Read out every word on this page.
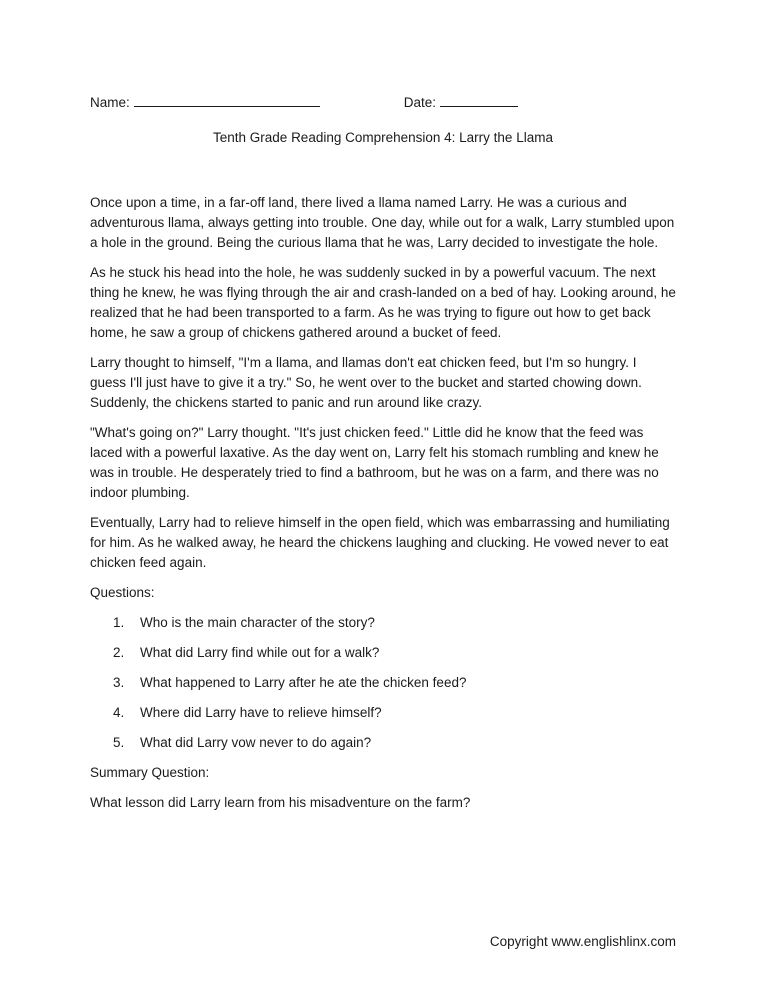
Name:	Date:
Tenth Grade Reading Comprehension 4: Larry the Llama

Once upon a time, in a far-off land, there lived a llama named Larry. He was a curious and adventurous llama, always getting into trouble. One day, while out for a walk, Larry stumbled upon a hole in the ground. Being the curious llama that he was, Larry decided to investigate the hole.

As he stuck his head into the hole, he was suddenly sucked in by a powerful vacuum. The next thing he knew, he was flying through the air and crash-landed on a bed of hay. Looking around, he realized that he had been transported to a farm. As he was trying to figure out how to get back home, he saw a group of chickens gathered around a bucket of feed.

Larry thought to himself, "I'm a llama, and llamas don't eat chicken feed, but I'm so hungry. I guess I'll just have to give it a try." So, he went over to the bucket and started chowing down. Suddenly, the chickens started to panic and run around like crazy.

"What's going on?" Larry thought. "It's just chicken feed." Little did he know that the feed was laced with a powerful laxative. As the day went on, Larry felt his stomach rumbling and knew he was in trouble. He desperately tried to find a bathroom, but he was on a farm, and there was no indoor plumbing.

Eventually, Larry had to relieve himself in the open field, which was embarrassing and humiliating for him. As he walked away, he heard the chickens laughing and clucking. He vowed never to eat chicken feed again.

Questions:
1.	Who is the main character of the story?
2.	What did Larry find while out for a walk?
3.	What happened to Larry after he ate the chicken feed?
4.	Where did Larry have to relieve himself?
5.	What did Larry vow never to do again?
Summary Question:

What lesson did Larry learn from his misadventure on the farm?

Copyright www.englishlinx.com
